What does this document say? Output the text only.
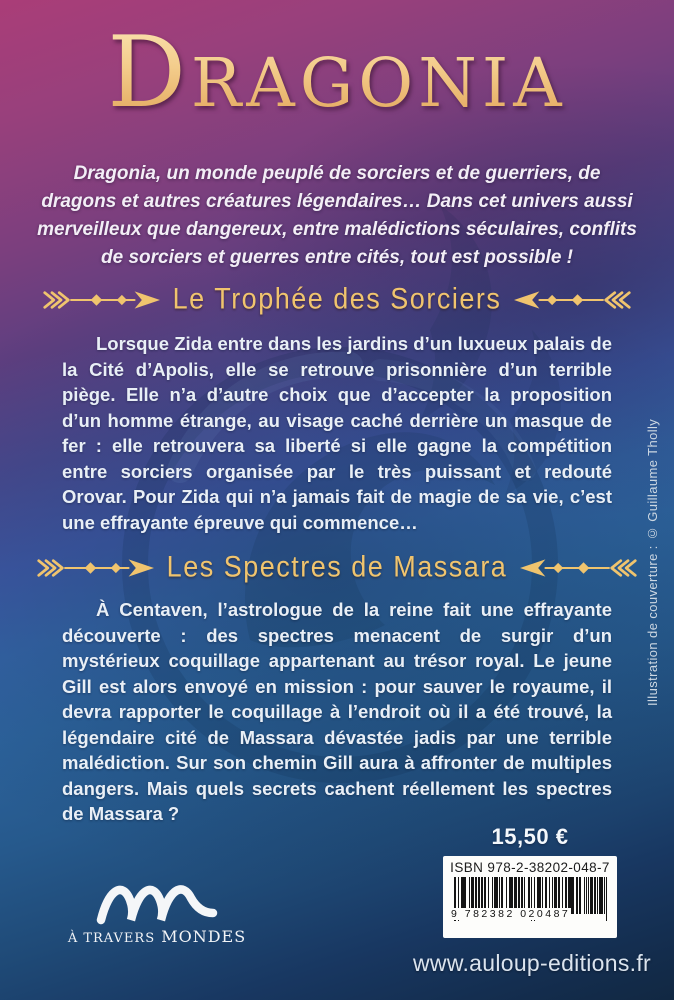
DRAGONIA
Dragonia, un monde peuplé de sorciers et de guerriers, de dragons et autres créatures légendaires… Dans cet univers aussi merveilleux que dangereux, entre malédictions séculaires, conflits de sorciers et guerres entre cités, tout est possible !
Le Trophée des Sorciers
Lorsque Zida entre dans les jardins d’un luxueux palais de la Cité d’Apolis, elle se retrouve prisonnière d’un terrible piège. Elle n’a d’autre choix que d’accepter la proposition d’un homme étrange, au visage caché derrière un masque de fer : elle retrouvera sa liberté si elle gagne la compétition entre sorciers organisée par le très puissant et redouté Orovar. Pour Zida qui n’a jamais fait de magie de sa vie, c’est une effrayante épreuve qui commence…
Les Spectres de Massara
À Centaven, l’astrologue de la reine fait une effrayante découverte : des spectres menacent de surgir d’un mystérieux coquillage appartenant au trésor royal. Le jeune Gill est alors envoyé en mission : pour sauver le royaume, il devra rapporter le coquillage à l’endroit où il a été trouvé, la légendaire cité de Massara dévastée jadis par une terrible malédiction. Sur son chemin Gill aura à affronter de multiples dangers. Mais quels secrets cachent réellement les spectres de Massara ?
Illustration de couverture : © Guillaume Tholly
15,50 €
ISBN 978-2-38202-048-7
9 782382 020487
À TRAVERS MONDES
www.auloup-editions.fr
